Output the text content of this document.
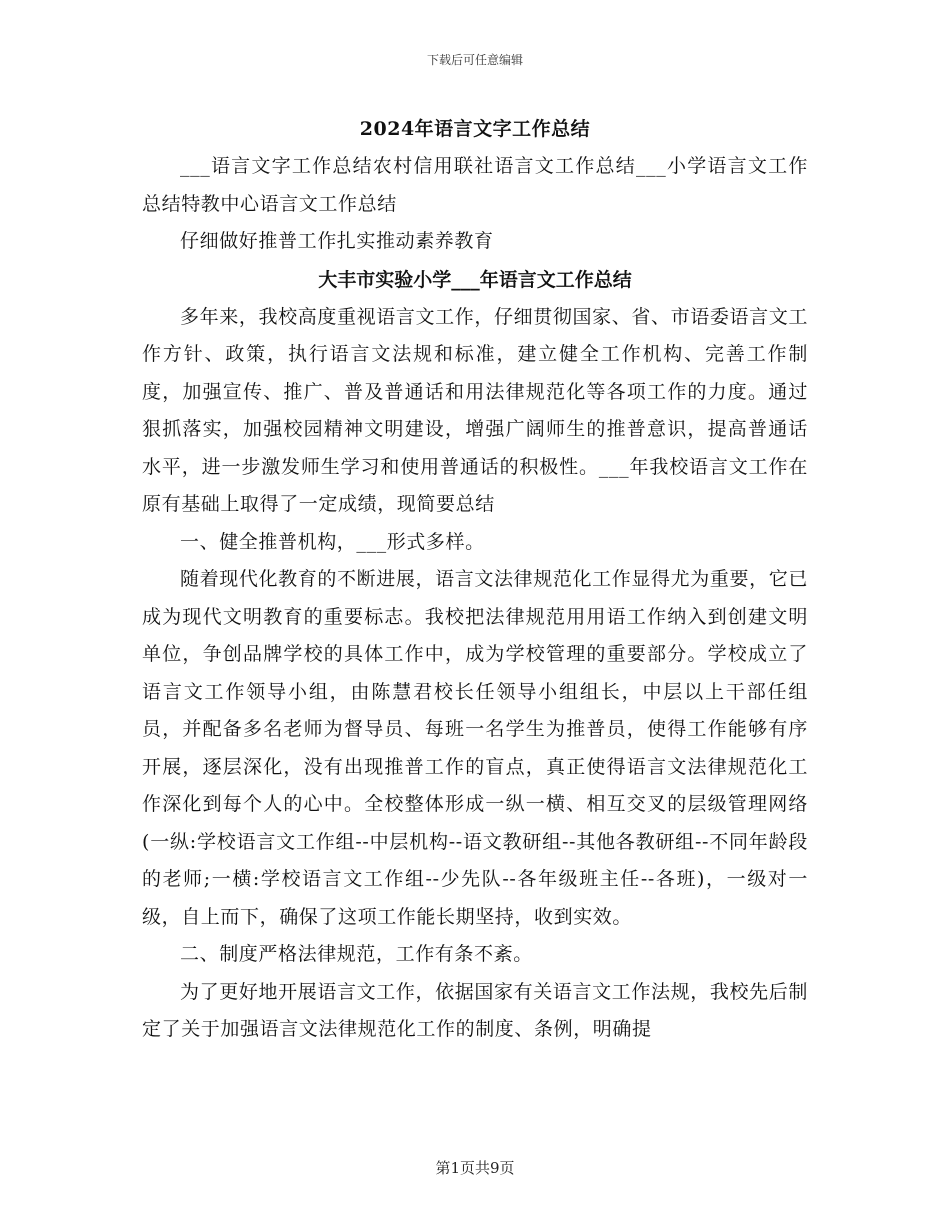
下载后可任意编辑
2024年语言文字工作总结

___语言文字工作总结农村信用联社语言文工作总结___小学语言文工作总结特教中心语言文工作总结

仔细做好推普工作扎实推动素养教育

大丰市实验小学___年语言文工作总结

多年来，我校高度重视语言文工作，仔细贯彻国家、省、市语委语言文工作方针、政策，执行语言文法规和标准，建立健全工作机构、完善工作制度，加强宣传、推广、普及普通话和用法律规范化等各项工作的力度。通过狠抓落实，加强校园精神文明建设，增强广阔师生的推普意识，提高普通话水平，进一步激发师生学习和使用普通话的积极性。___年我校语言文工作在原有基础上取得了一定成绩，现简要总结

一、健全推普机构，___形式多样。

随着现代化教育的不断进展，语言文法律规范化工作显得尤为重要，它已成为现代文明教育的重要标志。我校把法律规范用用语工作纳入到创建文明单位，争创品牌学校的具体工作中，成为学校管理的重要部分。学校成立了语言文工作领导小组，由陈慧君校长任领导小组组长，中层以上干部任组员，并配备多名老师为督导员、每班一名学生为推普员，使得工作能够有序开展，逐层深化，没有出现推普工作的盲点，真正使得语言文法律规范化工作深化到每个人的心中。全校整体形成一纵一横、相互交叉的层级管理网络(一纵:学校语言文工作组--中层机构--语文教研组--其他各教研组--不同年龄段的老师;一横:学校语言文工作组--少先队--各年级班主任--各班)，一级对一级，自上而下，确保了这项工作能长期坚持，收到实效。

二、制度严格法律规范，工作有条不紊。

为了更好地开展语言文工作，依据国家有关语言文工作法规，我校先后制定了关于加强语言文法律规范化工作的制度、条例，明确提

第1页共9页
